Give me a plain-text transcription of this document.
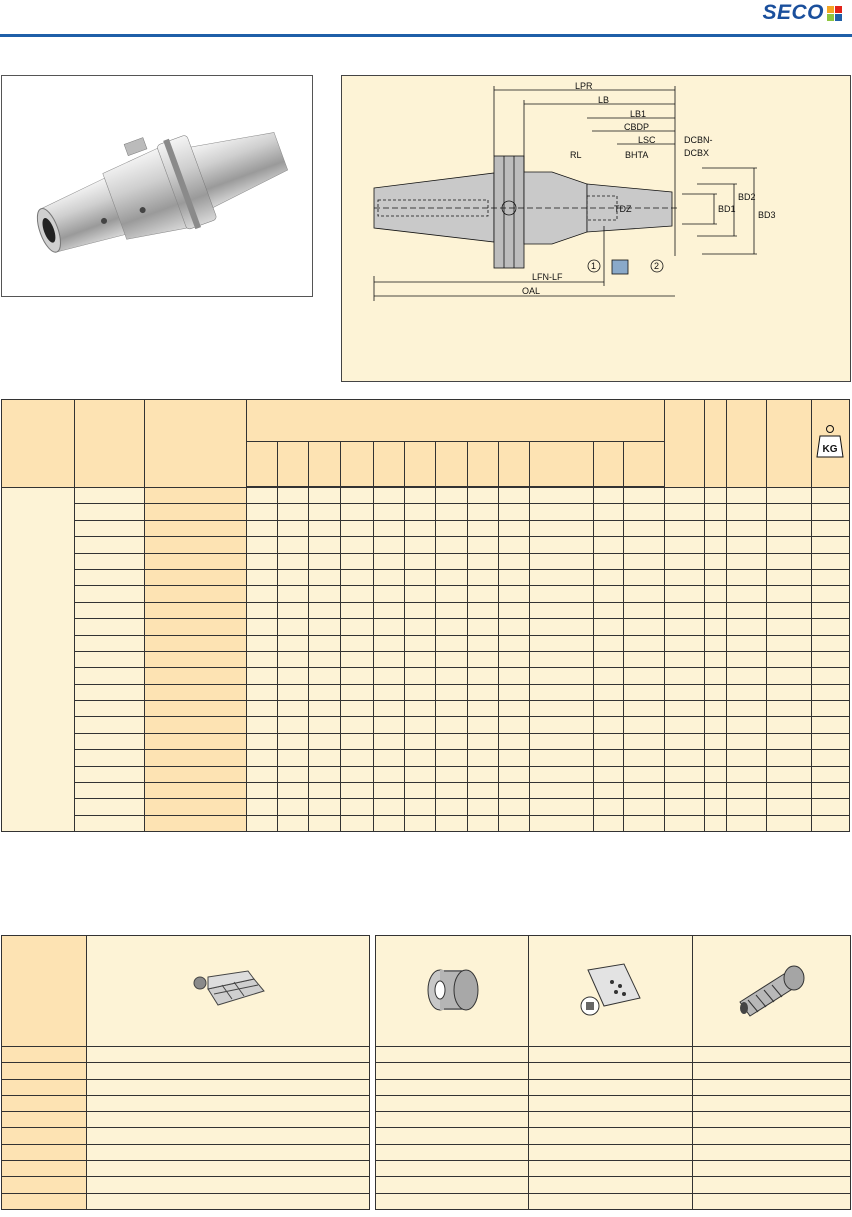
SECO
LPR
LB
LB1
CBDP
LSC
BHTA
DCBN-
DCBX
RL
TDZ	BD1
BD2
BD3
LFN-LF
OAL
1	2

KG
